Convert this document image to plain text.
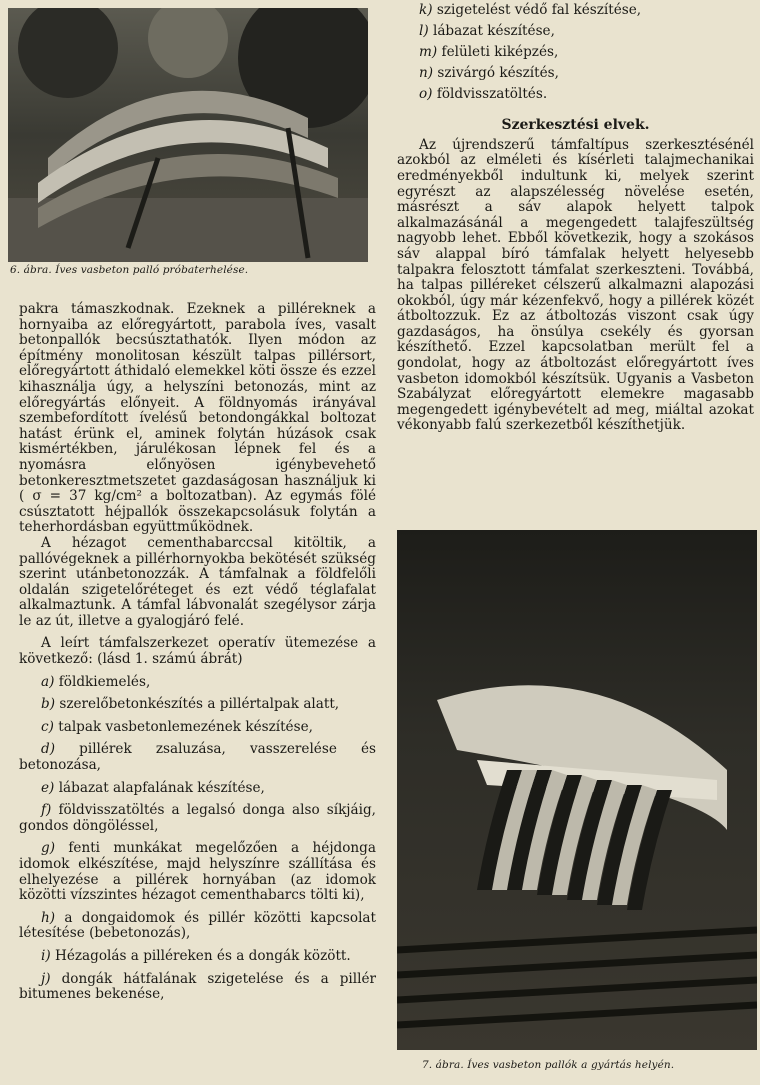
6. ábra. Íves vasbeton palló próbaterhelése.

pakra támaszkodnak. Ezeknek a pilléreknek a hornyaiba az előregyártott, parabola íves, vasalt betonpallók becsúsztathatók. Ilyen módon az építmény monolitosan készült talpas pillérsort, előregyártott áthidaló elemekkel köti össze és ezzel kihasználja úgy, a helyszíni betonozás, mint az előregyártás előnyeit. A földnyomás irányával szembefordított ívelésű betondongákkal boltozat hatást érünk el, aminek folytán húzások csak kismértékben, járulékosan lépnek fel és a nyomásra előnyösen igénybevehető betonkeresztmetszetet gazdaságosan használjuk ki ( σ = 37 kg/cm² a boltozatban). Az egymás fölé csúsztatott héjpallók összekapcsolásuk folytán a teherhordásban együttműködnek.

A hézagot cementhabarccsal kitöltik, a pallóvégeknek a pillérhornyokba bekötését szükség szerint utánbetonozzák. A támfalnak a földfelőli oldalán szigetelőréteget és ezt védő téglafalat alkalmaztunk. A támfal lábvonalát szegélysor zárja le az út, illetve a gyalogjáró felé.

A leírt támfalszerkezet operatív ütemezése a következő: (lásd 1. számú ábrát)

a) földkiemelés,

b) szerelőbetonkészítés a pillértalpak alatt,

c) talpak vasbetonlemezének készítése,

d) pillérek zsaluzása, vasszerelése és betonozása,

e) lábazat alapfalának készítése,

f) földvisszatöltés a legalsó donga also síkjáig, gondos döngöléssel,

g) fenti munkákat megelőzően a héjdonga idomok elkészítése, majd helyszínre szállítása és elhelyezése a pillérek hornyában (az idomok közötti vízszintes hézagot cementhabarcs tölti ki),

h) a dongaidomok és pillér közötti kapcsolat létesítése (bebetonozás),

i) Hézagolás a pilléreken és a dongák között.

j) dongák hátfalának szigetelése és a pillér bitumenes bekenése,

k) szigetelést védő fal készítése,

l) lábazat készítése,

m) felületi kiképzés,

n) szivárgó készítés,

o) földvisszatöltés.

Szerkesztési elvek.

Az újrendszerű támfaltípus szerkesztésénél azokból az elméleti és kísérleti talajmechanikai eredményekből indultunk ki, melyek szerint egyrészt az alapszélesség növelése esetén, másrészt a sáv alapok helyett talpok alkalmazásánál a megengedett talajfeszültség nagyobb lehet. Ebből következik, hogy a szokásos sáv alappal bíró támfalak helyett helyesebb talpakra felosztott támfalat szerkeszteni. Továbbá, ha talpas pilléreket célszerű alkalmazni alapozási okokból, úgy már kézenfekvő, hogy a pillérek közét átboltozzuk. Ez az átboltozás viszont csak úgy gazdaságos, ha önsúlya csekély és gyorsan készíthető. Ezzel kapcsolatban merült fel a gondolat, hogy az átboltozást előregyártott íves vasbeton idomokból készítsük. Ugyanis a Vasbeton Szabályzat előregyártott elemekre magasabb megengedett igénybevételt ad meg, miáltal azokat vékonyabb falú szerkezetből készíthetjük.

7. ábra. Íves vasbeton pallók a gyártás helyén.
